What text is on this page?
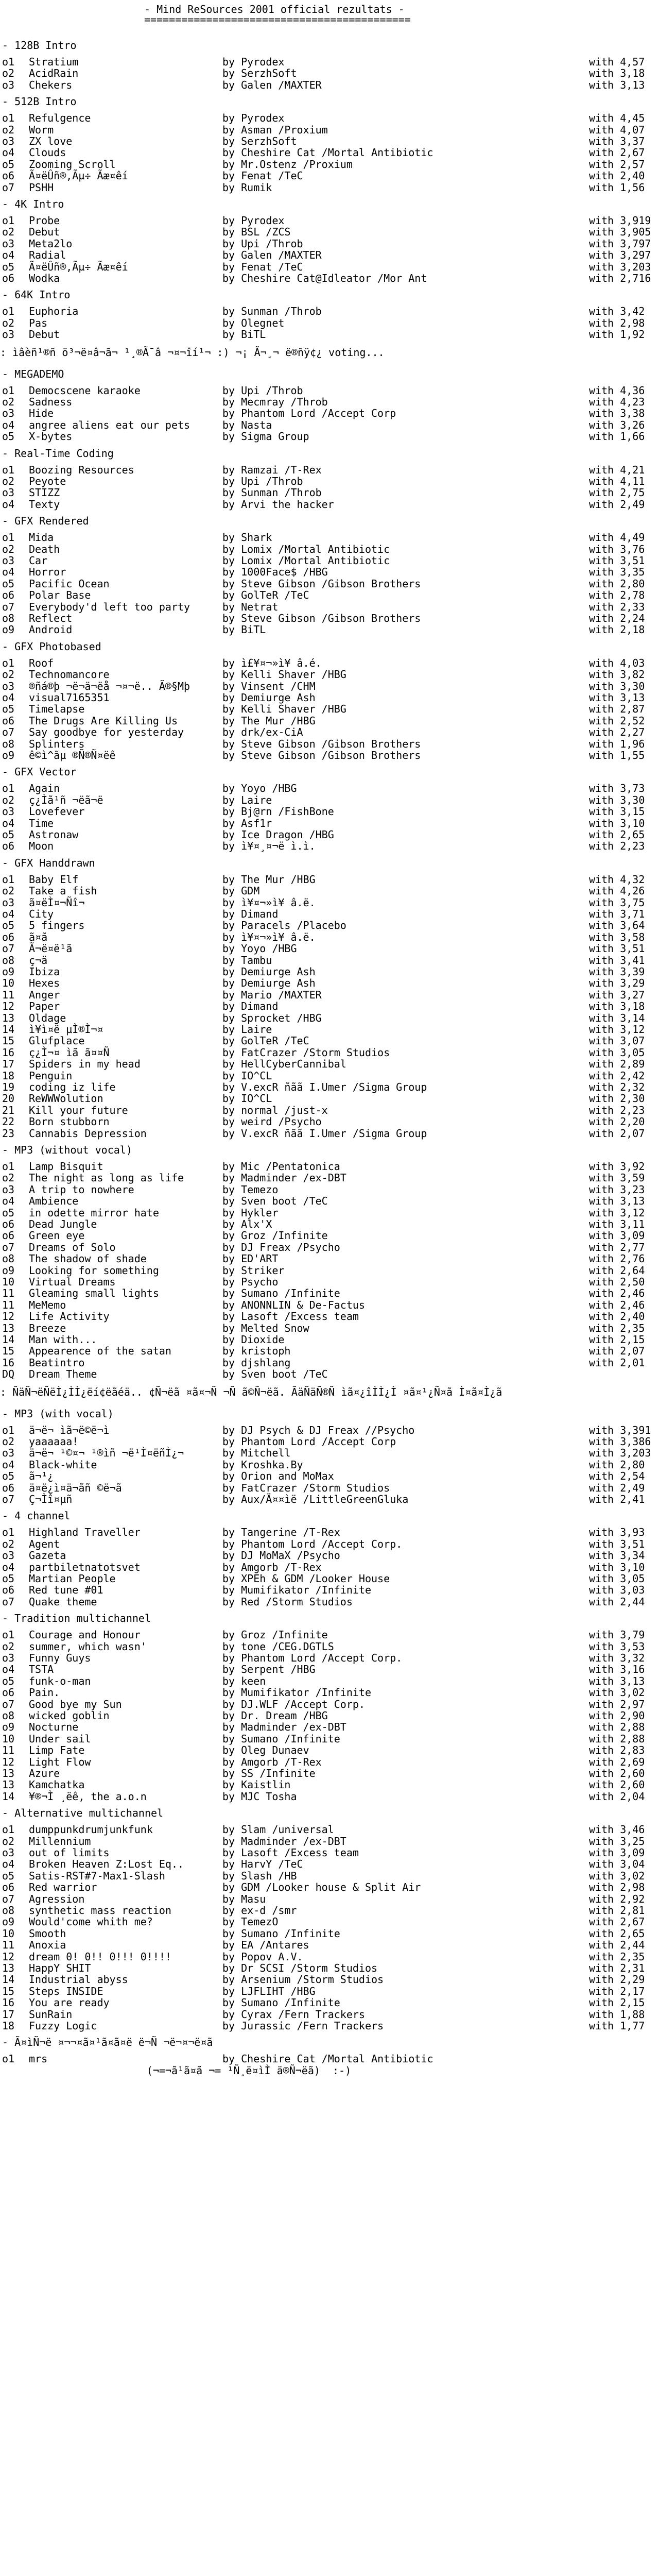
- Mind ReSources 2001 official rezultats -
===========================================
- 128B Intro
o1 Stratium	by Pyrodex	with 4,57
o2 AcidRain	by SerzhSoft	with 3,18
o3 Chekers	by Galen /MAXTER	with 3,13
- 512B Intro
o1 Refulgence	by Pyrodex	with 4,45
o2 Worm	by Asman /Proxium	with 4,07
o3 ZX love	by SerzhSoft	with 3,37
o4 Clouds	by Cheshire Cat /Mortal Antibiotic	with 2,67
o5 Zooming Scroll	by Mr.Ostenz /Proxium	with 2,57
o6 Ã¤ëÛñ®,Ãµ÷ Ãæ¤êí	by Fenat /TeC	with 2,40
o7 PSHH	by Rumik	with 1,56
- 4K Intro
o1 Probe	by Pyrodex	with 3,919
o2 Debut	by BSL /ZCS	with 3,905
o3 Meta2lo	by Upi /Throb	with 3,797
o4 Radial	by Galen /MAXTER	with 3,297
o5 Ã¤ëÛñ®,Ãµ÷ Ãæ¤êí	by Fenat /TeC	with 3,203
o6 Wodka	by Cheshire Cat@Idleator /Mor Ant	with 2,716
- 64K Intro
o1 Euphoria	by Sunman /Throb	with 3,42
o2 Pas	by Olegnet	with 2,98
o3 Debut	by BiTL	with 1,92
: ìâèñ¹®ñ ö³¬ë¤â¬ã¬ ¹¸®Ã¯â ¬¤¬îí¹¬ :) ¬¡ Ã¬¸¬ ë®ñÿ¢¿ voting...
- MEGADEMO
o1 Democscene karaoke	by Upi /Throb	with 4,36
o2 Sadness	by Mecmray /Throb	with 4,23
o3 Hide	by Phantom Lord /Accept Corp	with 3,38
o4 angree aliens eat our pets	by Nasta	with 3,26
o5 X-bytes	by Sigma Group	with 1,66
- Real-Time Coding
o1 Boozing Resources	by Ramzai /T-Rex	with 4,21
o2 Peyote	by Upi /Throb	with 4,11
o3 STIZZ	by Sunman /Throb	with 2,75
o4 Texty	by Arvi the hacker	with 2,49
- GFX Rendered
o1 Mida	by Shark	with 4,49
o2 Death	by Lomix /Mortal Antibiotic	with 3,76
o3 Car	by Lomix /Mortal Antibiotic	with 3,51
o4 Horror	by 1000Face$ /HBG	with 3,35
o5 Pacific Ocean	by Steve Gibson /Gibson Brothers	with 2,80
o6 Polar Base	by GolTeR /TeC	with 2,78
o7 Everybody'd left too party	by Netrat	with 2,33
o8 Reflect	by Steve Gibson /Gibson Brothers	with 2,24
o9 Android	by BiTL	with 2,18
- GFX Photobased
o1 Roof	by ì£¥¤¬»ì¥ â.é.	with 4,03
o2 Technomancore	by Kelli Shaver /HBG	with 3,82
o3 ®ñá®þ ¬ë¬ä¬ëå ¬¤¬ë.. Ã®§Mþ	by Vinsent /CHM	with 3,30
o4 visual7165351	by Demiurge Ash	with 3,13
o5 Timelapse	by Kelli Shaver /HBG	with 2,87
o6 The Drugs Are Killing Us	by The Mur /HBG	with 2,52
o7 Say goodbye for yesterday	by drk/ex-CiA	with 2,27
o8 Splinters	by Steve Gibson /Gibson Brothers	with 1,96
o9 ê©ì^ãµ ®Ñ®Ñ¤ëê	by Steve Gibson /Gibson Brothers	with 1,55
- GFX Vector
o1 Again	by Yoyo /HBG	with 3,73
o2 ç¿Ìã¹ñ ¬ëã¬ë	by Laire	with 3,30
o3 Lovefever	by Bj@rn /FishBone	with 3,15
o4 Time	by Asf1r	with 3,10
o5 Astronaw	by Ice Dragon /HBG	with 2,65
o6 Moon	by ì¥¤¸¤¬ë ì.ì.	with 2,23
- GFX Handdrawn
o1 Baby Elf	by The Mur /HBG	with 4,32
o2 Take a fish	by GDM	with 4,26
o3 ã¤ëÌ¤¬Ñî¬	by ì¥¤¬»ì¥ â.ë.	with 3,75
o4 City	by Dimand	with 3,71
o5 5 fingers	by Paracels /Placebo	with 3,64
o6 ã¤ã	by ì¥¤¬»ì¥ â.ë.	with 3,58
o7 Ã¬ë¤ë¹ã	by Yoyo /HBG	with 3,51
o8 ç¬ä	by Tambu	with 3,41
o9 Ibiza	by Demiurge Ash	with 3,39
10 Hexes	by Demiurge Ash	with 3,29
11 Anger	by Mario /MAXTER	with 3,27
12 Paper	by Dimand	with 3,18
13 Oldage	by Sprocket /HBG	with 3,14
14 ì¥ì¤ë µÌ®Ì¬¤	by Laire	with 3,12
15 Glufplace	by GolTeR /TeC	with 3,07
16 ç¿Ì¬¤ ìã ã¤¤Ñ	by FatCrazer /Storm Studios	with 3,05
17 Spiders in my head	by HellCyberCannibal	with 2,89
18 Penguin	by IO^CL	with 2,42
19 coding iz life	by V.excR ñãã I.Umer /Sigma Group	with 2,32
20 ReWWWolution	by IO^CL	with 2,30
21 Kill your future	by normal /just-x	with 2,23
22 Born stubborn	by weird /Psycho	with 2,20
23 Cannabis Depression	by V.excR ñãã I.Umer /Sigma Group	with 2,07
- MP3 (without vocal)
o1 Lamp Bisquit	by Mic /Pentatonica	with 3,92
o2 The night as long as life	by Madminder /ex-DBT	with 3,59
o3 A trip to nowhere	by Temezo	with 3,23
o4 Ambience	by Sven boot /TeC	with 3,13
o5 in odette mirror hate	by Hykler	with 3,12
o6 Dead Jungle	by Alx'X	with 3,11
o6 Green eye	by Groz /Infinite	with 3,09
o7 Dreams of Solo	by DJ Freax /Psycho	with 2,77
o8 The shadow of shade	by ED'ART	with 2,76
o9 Looking for something	by Striker	with 2,64
10 Virtual Dreams	by Psycho	with 2,50
11 Gleaming small lights	by Sumano /Infinite	with 2,46
11 MeMemo	by ANONNLIN & De-Factus	with 2,46
12 Life Activity	by Lasoft /Excess team	with 2,40
13 Breeze	by Melted Snow	with 2,35
14 Man with...	by Dioxide	with 2,15
15 Appearence of the satan	by kristoph	with 2,07
16 Beatintro	by djshlang	with 2,01
DQ Dream Theme	by Sven boot /TeC
: ÑäÑ¬ëÑëÌ¿ÌÌ¿ëí¢ëãéä.. ¢Ñ¬ëã ¤ã¤¬Ñ ¬Ñ ã©Ñ¬ëã. ÃäÑäÑ®Ñ ìã¤¿îÌÌ¿Ì ¤ã¤¹¿Ñ¤ã Ì¤ã¤Ì¿ã
- MP3 (with vocal)
o1 ä¬ë¬ ìã¬ë©ë¬ì	by DJ Psych & DJ Freax //Psycho	with 3,391
o2 yaaaaaa!	by Phantom Lord /Accept Corp	with 3,386
o3 ä¬ë¬ ¹©¤¬ ¹®ìñ ¬ë¹Ì¤ëñÌ¿¬	by Mitchell	with 3,203
o4 Black-white	by Kroshka.By	with 2,80
o5 ã¬¹¿	by Orion and MoMax	with 2,54
o6 ä¤ë¿ì¤ä¬ãñ ©ë¬ã	by FatCrazer /Storm Studios	with 2,49
o7 Ç¬Ìî¤µñ	by Aux/Ä¤¤ìë /LittleGreenGluka	with 2,41
- 4 channel
o1 Highland Traveller	by Tangerine /T-Rex	with 3,93
o2 Agent	by Phantom Lord /Accept Corp.	with 3,51
o3 Gazeta	by DJ MoMaX /Psycho	with 3,34
o4 partbiletnatotsvet	by Amgorb /T-Rex	with 3,10
o5 Martian People	by XPEh & GDM /Looker House	with 3,05
o6 Red tune #01	by Mumifikator /Infinite	with 3,03
o7 Quake theme	by Red /Storm Studios	with 2,44
- Tradition multichannel
o1 Courage and Honour	by Groz /Infinite	with 3,79
o2 summer, which wasn'	by tone /CEG.DGTLS	with 3,53
o3 Funny Guys	by Phantom Lord /Accept Corp.	with 3,32
o4 TSTA	by Serpent /HBG	with 3,16
o5 funk-o-man	by keen	with 3,13
o6 Pain.	by Mumifikator /Infinite	with 3,02
o7 Good bye my Sun	by DJ.WLF /Accept Corp.	with 2,97
o8 wicked goblin	by Dr. Dream /HBG	with 2,90
o9 Nocturne	by Madminder /ex-DBT	with 2,88
10 Under sail	by Sumano /Infinite	with 2,88
11 Limp Fate	by Oleg Dunaev	with 2,83
12 Light Flow	by Amgorb /T-Rex	with 2,69
13 Azure	by SS /Infinite	with 2,60
13 Kamchatka	by Kaistlin	with 2,60
14 ¥®¬Ì ¸ëê, the a.o.n	by MJC Tosha	with 2,04
- Alternative multichannel
o1 dumppunkdrumjunkfunk	by Slam /universal	with 3,46
o2 Millennium	by Madminder /ex-DBT	with 3,25
o3 out of limits	by Lasoft /Excess team	with 3,09
o4 Broken Heaven Z:Lost Eq..	by HarvY /TeC	with 3,04
o5 Satis-RST#7-Max1-Slash	by Slash /HB	with 3,02
o6 Red warrior	by GDM /Looker house & Split Air	with 2,98
o7 Agression	by Masu	with 2,92
o8 synthetic mass reaction	by ex-d /smr	with 2,81
o9 Would'come whith me?	by TemezO	with 2,67
10 Smooth	by Sumano /Infinite	with 2,65
11 Anoxia	by EA /Antares	with 2,44
12 dream 0! 0!! 0!!! 0!!!!	by Popov A.V.	with 2,35
13 HappY SHIT	by Dr SCSI /Storm Studios	with 2,31
14 Industrial abyss	by Arsenium /Storm Studios	with 2,29
15 Steps INSIDE	by LJFLIHT /HBG	with 2,17
16 You are ready	by Sumano /Infinite	with 2,15
17 SunRain	by Cyrax /Fern Trackers	with 1,88
18 Fuzzy Logic	by Jurassic /Fern Trackers	with 1,77
- Ã¤ìÑ¬ë ¤¬¬¤ã¤¹ã¤ã¤ë ë¬Ñ ¬ë¬¤¬ë¤ã
o1 mrs	by Cheshire Cat /Mortal Antibiotic
(¬=¬ã¹ã¤ã ¬= ¹Ñ¸ë¤ìÌ ä®Ñ¬ëã)  :-)
